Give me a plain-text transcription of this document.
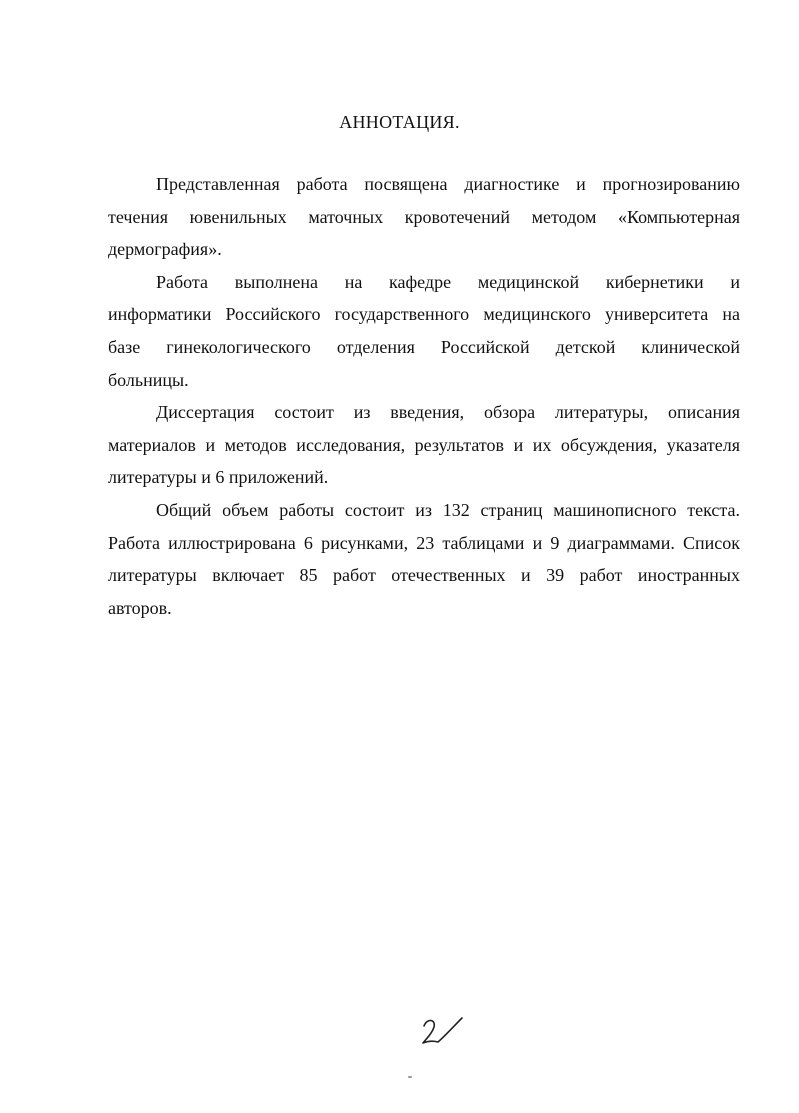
АННОТАЦИЯ.

Представленная работа посвящена диагностике и прогнозированию
течения ювенильных маточных кровотечений методом «Компьютерная
дермография».

Работа выполнена на кафедре медицинской кибернетики и
информатики Российского государственного медицинского университета на
базе гинекологического отделения Российской детской клинической
больницы.

Диссертация состоит из введения, обзора литературы, описания
материалов и методов исследования, результатов и их обсуждения, указателя
литературы и 6 приложений.

Общий объем работы состоит из 132 страниц машинописного текста.
Работа иллюстрирована 6 рисунками, 23 таблицами и 9 диаграммами. Список
литературы включает 85 работ отечественных и 39 работ иностранных
авторов.
